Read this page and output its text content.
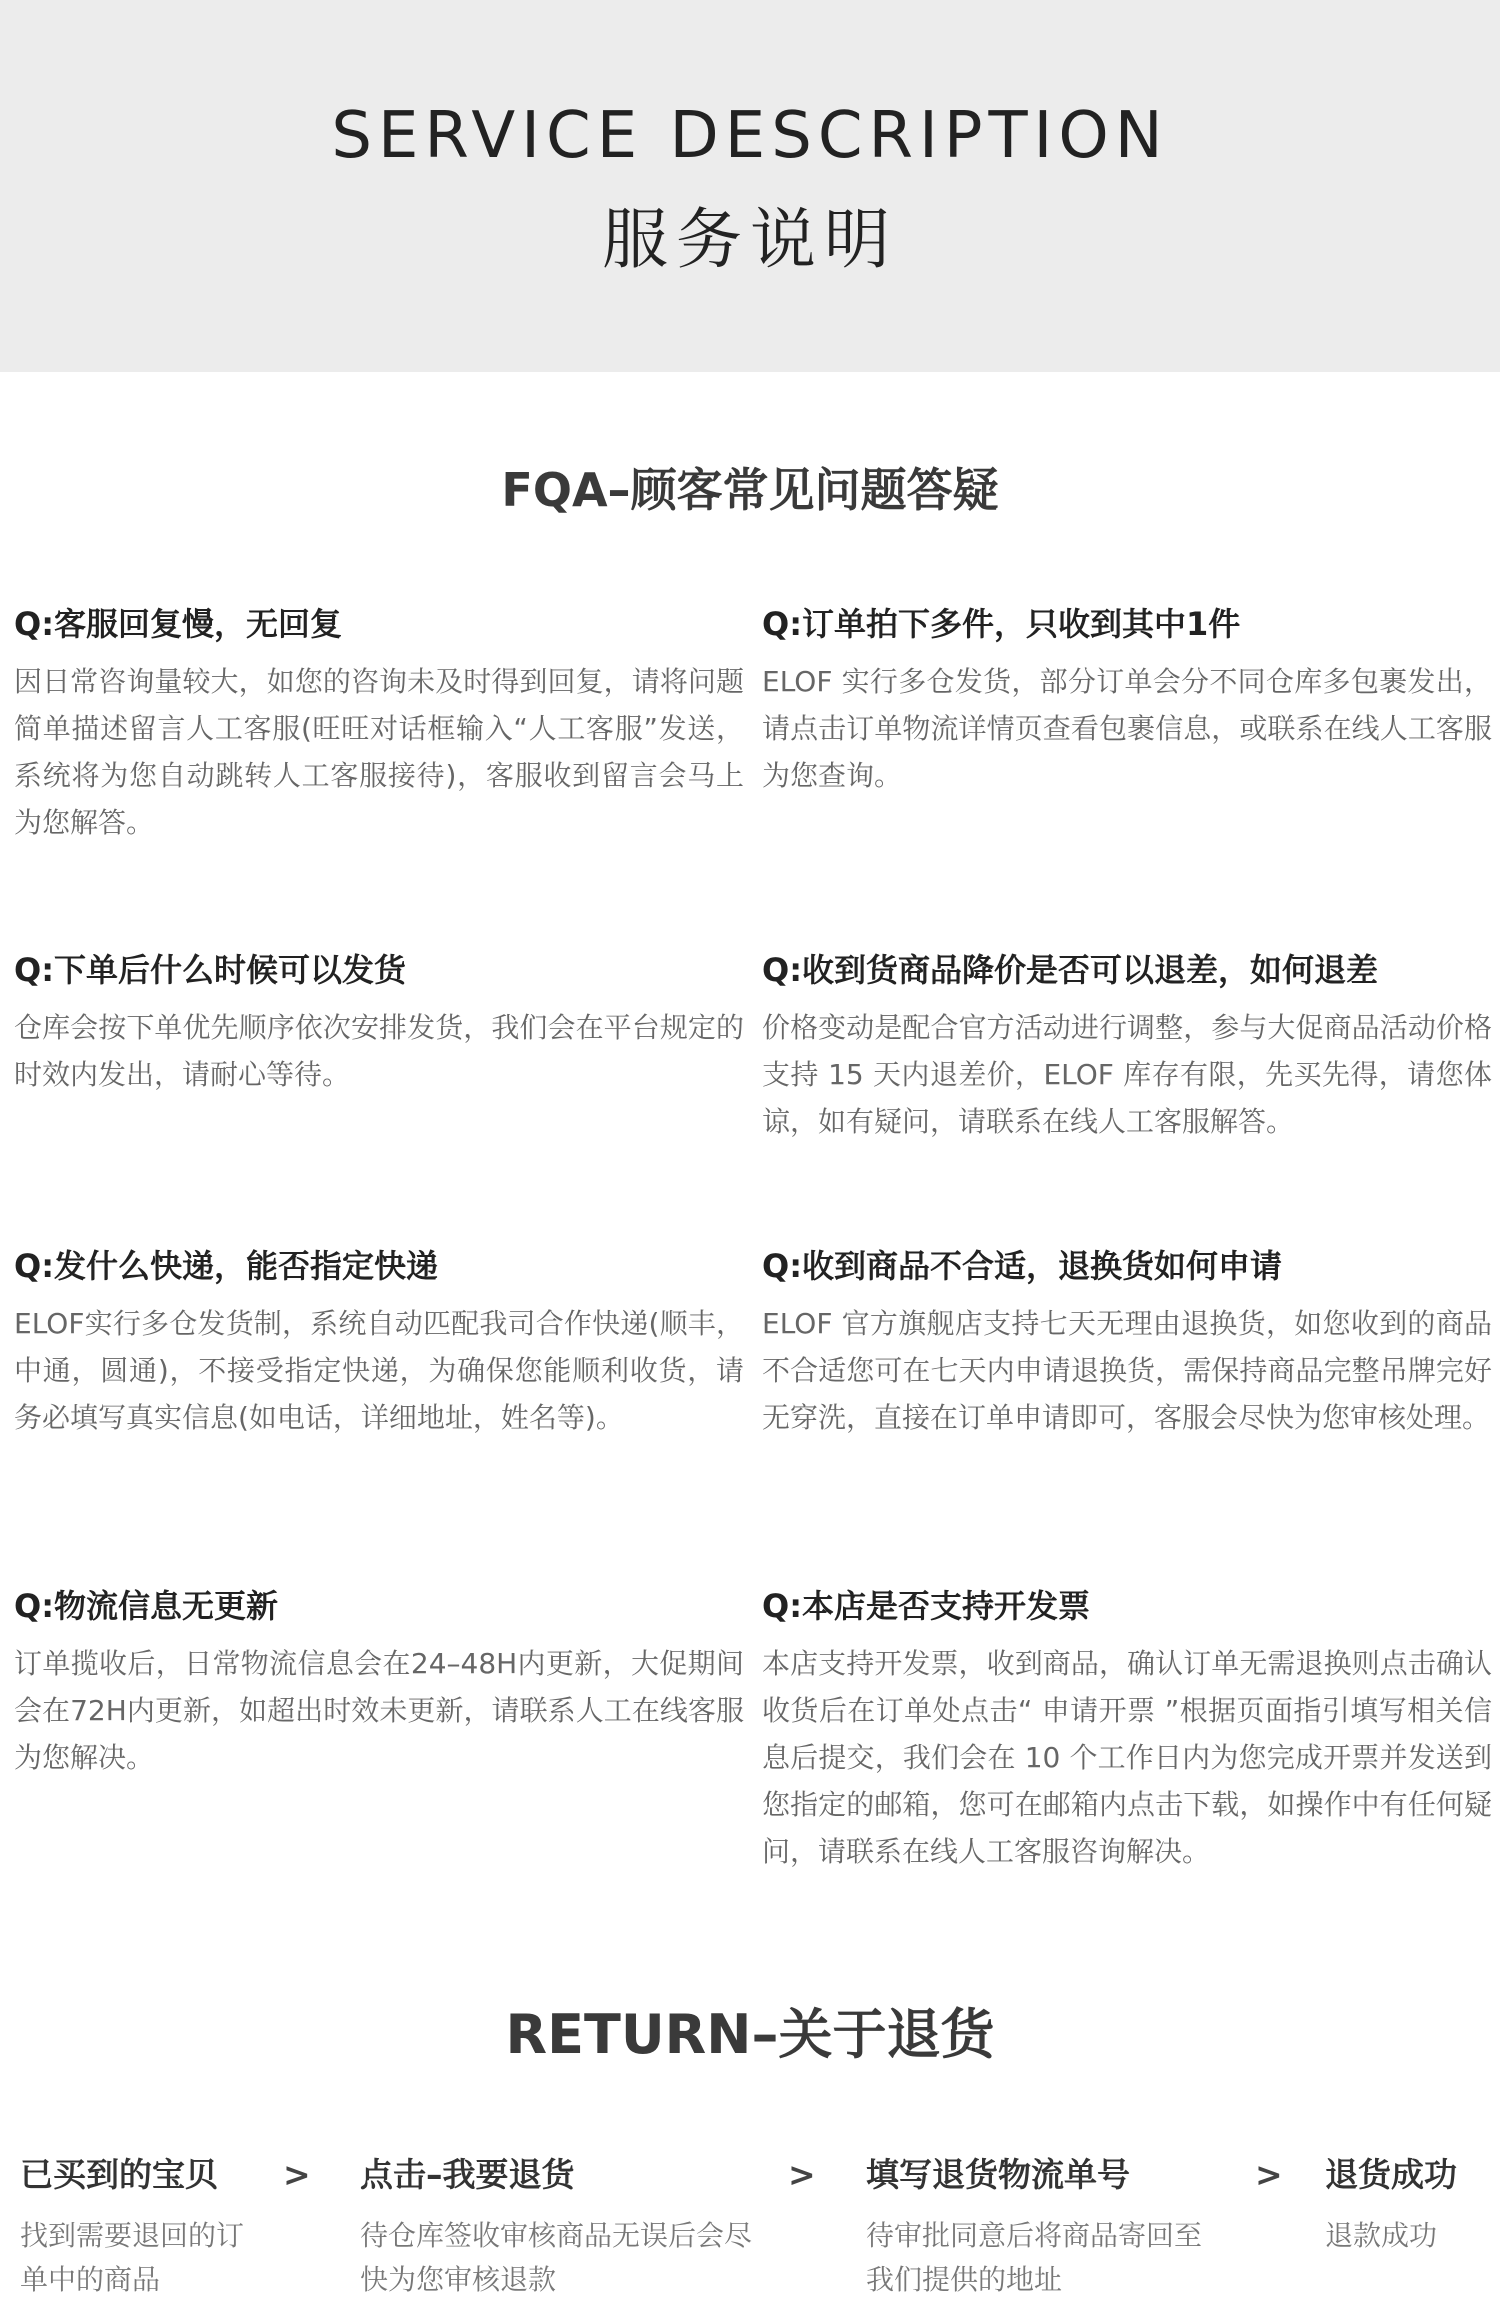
SERVICE DESCRIPTION
服务说明
FQA–顾客常见问题答疑
Q:客服回复慢，无回复

因日常咨询量较大，如您的咨询未及时得到回复，请将问题简单描述留言人工客服(旺旺对话框输入“人工客服”发送，系统将为您自动跳转人工客服接待)，客服收到留言会马上为您解答。

Q:下单后什么时候可以发货

仓库会按下单优先顺序依次安排发货，我们会在平台规定的时效内发出，请耐心等待。

Q:发什么快递，能否指定快递

ELOF实行多仓发货制，系统自动匹配我司合作快递(顺丰，中通，圆通)，不接受指定快递，为确保您能顺利收货，请务必填写真实信息(如电话，详细地址，姓名等)。

Q:物流信息无更新

订单揽收后，日常物流信息会在24–48H内更新，大促期间会在72H内更新，如超出时效未更新，请联系人工在线客服为您解决。

Q:订单拍下多件，只收到其中1件

ELOF 实行多仓发货，部分订单会分不同仓库多包裹发出，请点击订单物流详情页查看包裹信息，或联系在线人工客服为您查询。

Q:收到货商品降价是否可以退差，如何退差

价格变动是配合官方活动进行调整，参与大促商品活动价格支持 15 天内退差价，ELOF 库存有限，先买先得，请您体谅，如有疑问，请联系在线人工客服解答。

Q:收到商品不合适，退换货如何申请

ELOF 官方旗舰店支持七天无理由退换货，如您收到的商品不合适您可在七天内申请退换货，需保持商品完整吊牌完好无穿洗，直接在订单申请即可，客服会尽快为您审核处理。

Q:本店是否支持开发票

本店支持开发票，收到商品，确认订单无需退换则点击确认收货后在订单处点击“ 申请开票 ”根据页面指引填写相关信息后提交，我们会在 10 个工作日内为您完成开票并发送到您指定的邮箱，您可在邮箱内点击下载，如操作中有任何疑问，请联系在线人工客服咨询解决。

RETURN–关于退货
已买到的宝贝
找到需要退回的订单中的商品
> 点击–我要退货
待仓库签收审核商品无误后会尽快为您审核退款
> 填写退货物流单号
待审批同意后将商品寄回至我们提供的地址
> 退货成功
退款成功
